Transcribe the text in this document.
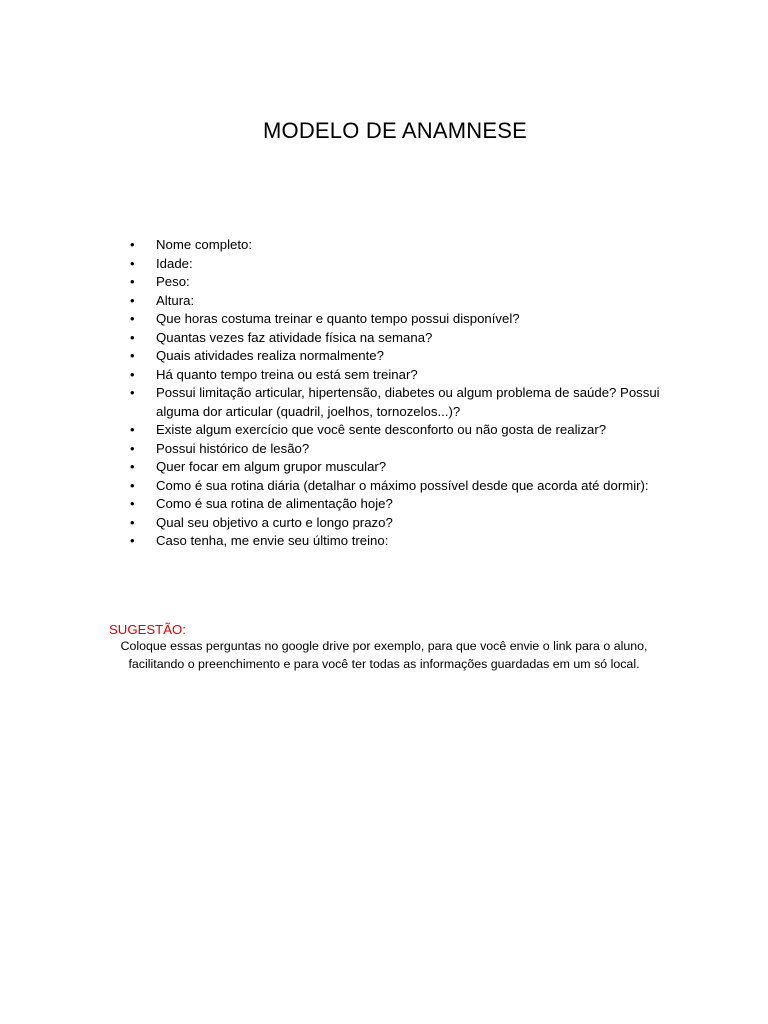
MODELO DE ANAMNESE
• Nome completo:
• Idade:
• Peso:
• Altura:
• Que horas costuma treinar e quanto tempo possui disponível?
• Quantas vezes faz atividade física na semana?
• Quais atividades realiza normalmente?
• Há quanto tempo treina ou está sem treinar?
• Possui limitação articular, hipertensão, diabetes ou algum problema de saúde? Possui alguma dor articular (quadril, joelhos, tornozelos...)?
• Existe algum exercício que você sente desconforto ou não gosta de realizar?
• Possui histórico de lesão?
• Quer focar em algum grupor muscular?
• Como é sua rotina diária (detalhar o máximo possível desde que acorda até dormir):
• Como é sua rotina de alimentação hoje?
• Qual seu objetivo a curto e longo prazo?
• Caso tenha, me envie seu último treino:
SUGESTÃO:
Coloque essas perguntas no google drive por exemplo, para que você envie o link para o aluno, facilitando o preenchimento e para você ter todas as informações guardadas em um só local.
